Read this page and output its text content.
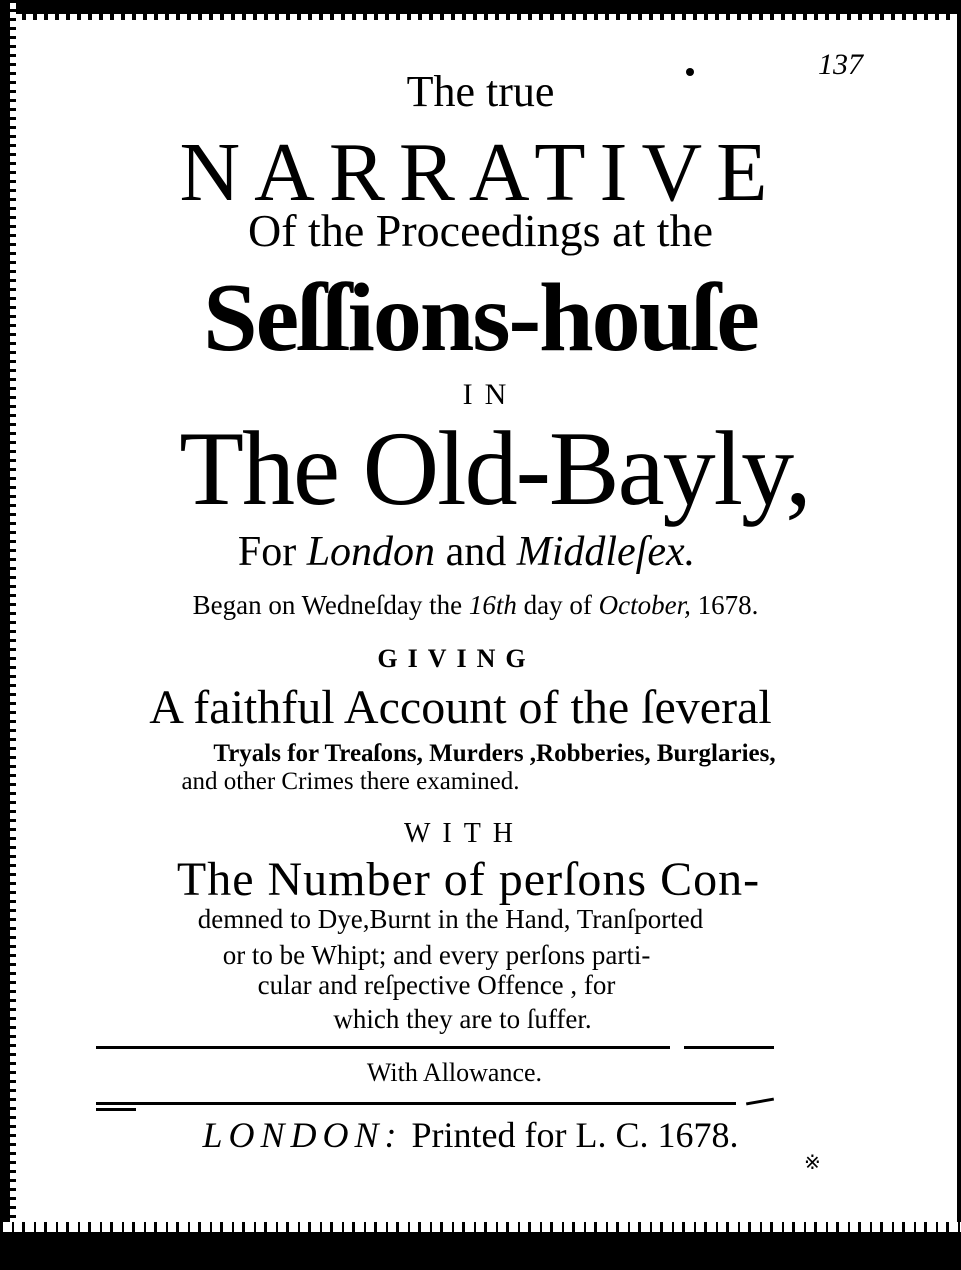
137
The true
NARRATIVE
Of the Proceedings at the
Seſſions-houſe
IN
The Old-Bayly,
For London and Middleſex.
Began on Wedneſday the 16th day of October, 1678.
GIVING
A faithful Account of the ſeveral
Tryals for Treaſons, Murders ,Robberies, Burglaries,
and other Crimes there examined.
WITH
The Number of perſons Con-
demned to Dye,Burnt in the Hand, Tranſported
or to be Whipt; and every perſons parti-
cular and reſpective Offence , for
which they are to ſuffer.
With Allowance.
LONDON: Printed for L. C. 1678.
※
